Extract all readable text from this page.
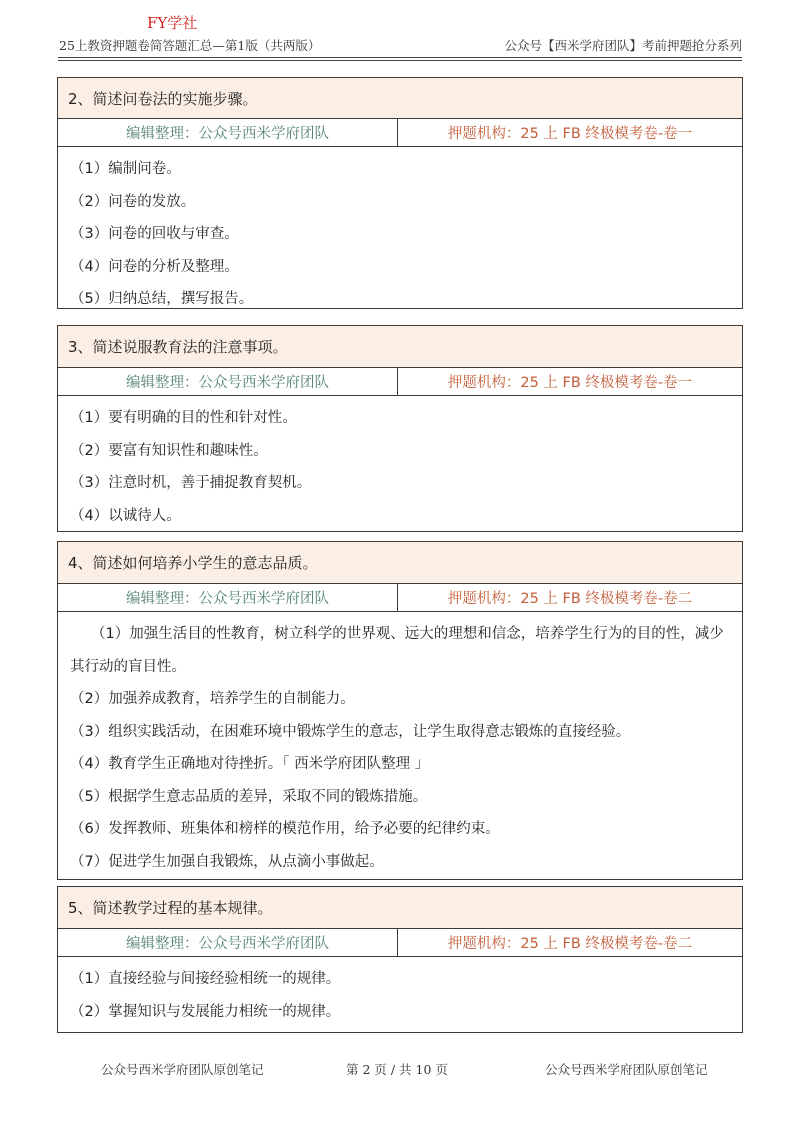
FY学社
25上教资押题卷简答题汇总—第1版（共两版）	公众号【西米学府团队】考前押题抢分系列
2、简述问卷法的实施步骤。
编辑整理：公众号西米学府团队	押题机构：25 上 FB 终极模考卷-卷一

（1）编制问卷。

（2）问卷的发放。

（3）问卷的回收与审查。

（4）问卷的分析及整理。

（5）归纳总结，撰写报告。

3、简述说服教育法的注意事项。
编辑整理：公众号西米学府团队	押题机构：25 上 FB 终极模考卷-卷一

（1）要有明确的目的性和针对性。

（2）要富有知识性和趣味性。

（3）注意时机，善于捕捉教育契机。

（4）以诚待人。

4、简述如何培养小学生的意志品质。
编辑整理：公众号西米学府团队	押题机构：25 上 FB 终极模考卷-卷二

（1）加强生活目的性教育，树立科学的世界观、远大的理想和信念，培养学生行为的目的性，减少其行动的盲目性。

（2）加强养成教育，培养学生的自制能力。

（3）组织实践活动，在困难环境中锻炼学生的意志，让学生取得意志锻炼的直接经验。

（4）教育学生正确地对待挫折。「 西米学府团队整理 」

（5）根据学生意志品质的差异，采取不同的锻炼措施。

（6）发挥教师、班集体和榜样的模范作用，给予必要的纪律约束。

（7）促进学生加强自我锻炼，从点滴小事做起。

5、简述教学过程的基本规律。
编辑整理：公众号西米学府团队	押题机构：25 上 FB 终极模考卷-卷二

（1）直接经验与间接经验相统一的规律。

（2）掌握知识与发展能力相统一的规律。

公众号西米学府团队原创笔记	第 2 页 / 共 10 页	公众号西米学府团队原创笔记
